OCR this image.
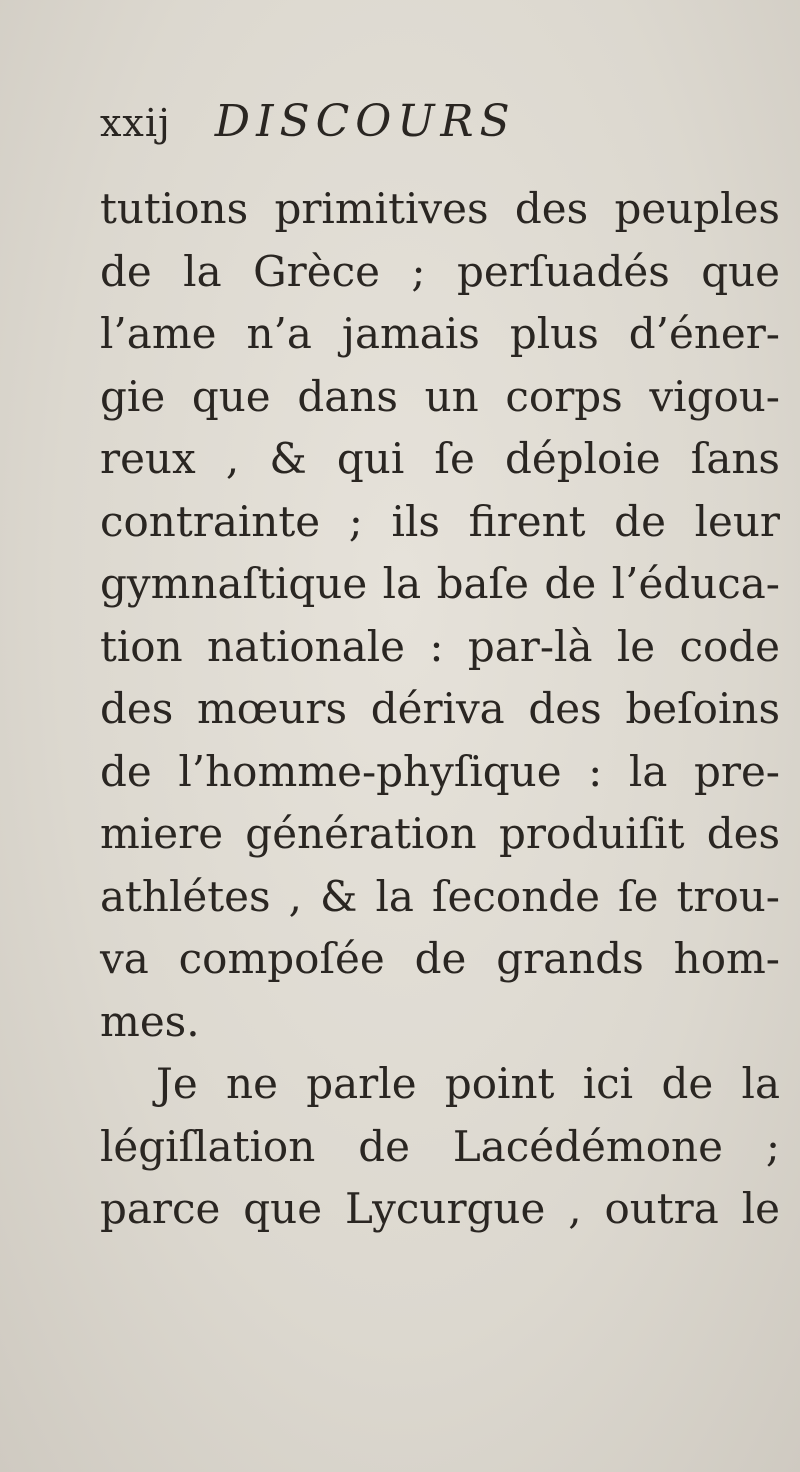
xxij DISCOURS
tutions primitives des peuples
de la Grèce ; perſuadés que
l’ame n’a jamais plus d’éner-
gie que dans un corps vigou-
reux , & qui ſe déploie ſans
contrainte ; ils firent de leur
gymnaſtique la baſe de l’éduca-
tion nationale : par-là le code
des mœurs dériva des beſoins
de l’homme-phyſique : la pre-
miere génération produiſit des
athlétes , & la ſeconde ſe trou-
va compoſée de grands hom-
mes.
Je ne parle point ici de la
légiſlation de Lacédémone ;
parce que Lycurgue , outra le
